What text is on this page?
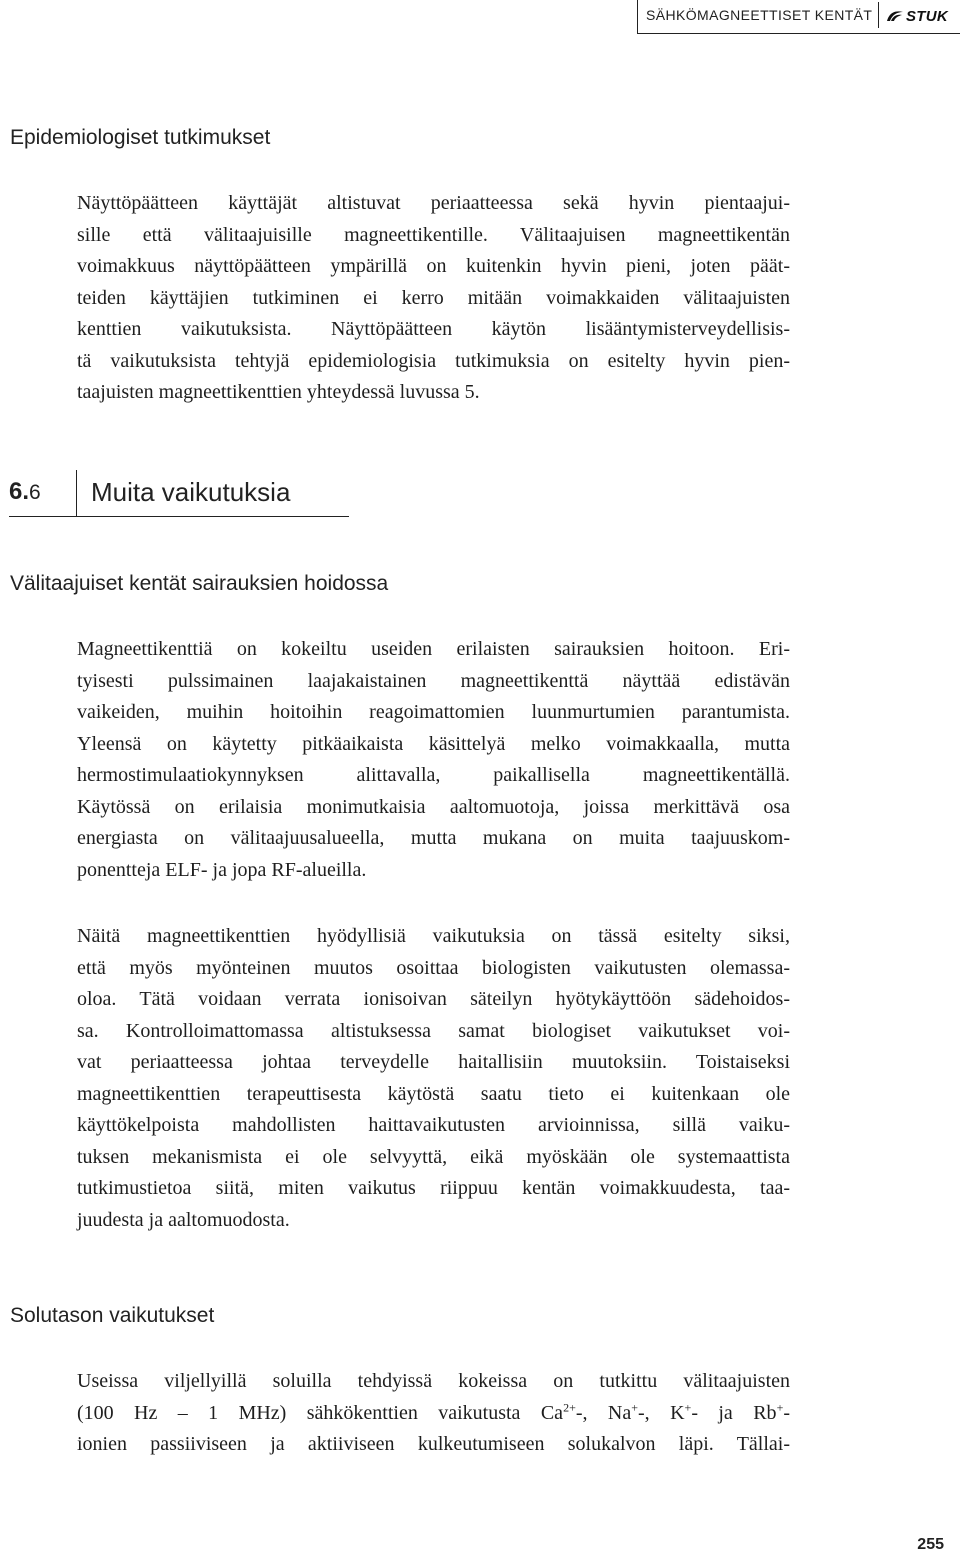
SÄHKÖMAGNEETTISET KENTÄT STUK
Epidemiologiset tutkimukset
Näyttöpäätteen käyttäjät altistuvat periaatteessa sekä hyvin pientaajui-
sille että välitaajuisille magneettikentille. Välitaajuisen magneettikentän
voimakkuus näyttöpäätteen ympärillä on kuitenkin hyvin pieni, joten päät-
teiden käyttäjien tutkiminen ei kerro mitään voimakkaiden välitaajuisten
kenttien vaikutuksista. Näyttöpäätteen käytön lisääntymisterveydellisis-
tä vaikutuksista tehtyjä epidemiologisia tutkimuksia on esitelty hyvin pien-
taajuisten magneettikenttien yhteydessä luvussa 5.
6.6 Muita vaikutuksia
Välitaajuiset kentät sairauksien hoidossa
Magneettikenttiä on kokeiltu useiden erilaisten sairauksien hoitoon. Eri-
tyisesti pulssimainen laajakaistainen magneettikenttä näyttää edistävän
vaikeiden, muihin hoitoihin reagoimattomien luunmurtumien parantumista.
Yleensä on käytetty pitkäaikaista käsittelyä melko voimakkaalla, mutta
hermostimulaatiokynnyksen alittavalla, paikallisella magneettikentällä.
Käytössä on erilaisia monimutkaisia aaltomuotoja, joissa merkittävä osa
energiasta on välitaajuusalueella, mutta mukana on muita taajuuskom-
ponentteja ELF- ja jopa RF-alueilla.
Näitä magneettikenttien hyödyllisiä vaikutuksia on tässä esitelty siksi,
että myös myönteinen muutos osoittaa biologisten vaikutusten olemassa-
oloa. Tätä voidaan verrata ionisoivan säteilyn hyötykäyttöön sädehoidos-
sa. Kontrolloimattomassa altistuksessa samat biologiset vaikutukset voi-
vat periaatteessa johtaa terveydelle haitallisiin muutoksiin. Toistaiseksi
magneettikenttien terapeuttisesta käytöstä saatu tieto ei kuitenkaan ole
käyttökelpoista mahdollisten haittavaikutusten arvioinnissa, sillä vaiku-
tuksen mekanismista ei ole selvyyttä, eikä myöskään ole systemaattista
tutkimustietoa siitä, miten vaikutus riippuu kentän voimakkuudesta, taa-
juudesta ja aaltomuodosta.
Solutason vaikutukset
Useissa viljellyillä soluilla tehdyissä kokeissa on tutkittu välitaajuisten
(100 Hz – 1 MHz) sähkökenttien vaikutusta $Ca^{2+}-$, Na+-, K+- ja Rb+-
ionien passiiviseen ja aktiiviseen kulkeutumiseen solukalvon läpi. Tällai-
255
